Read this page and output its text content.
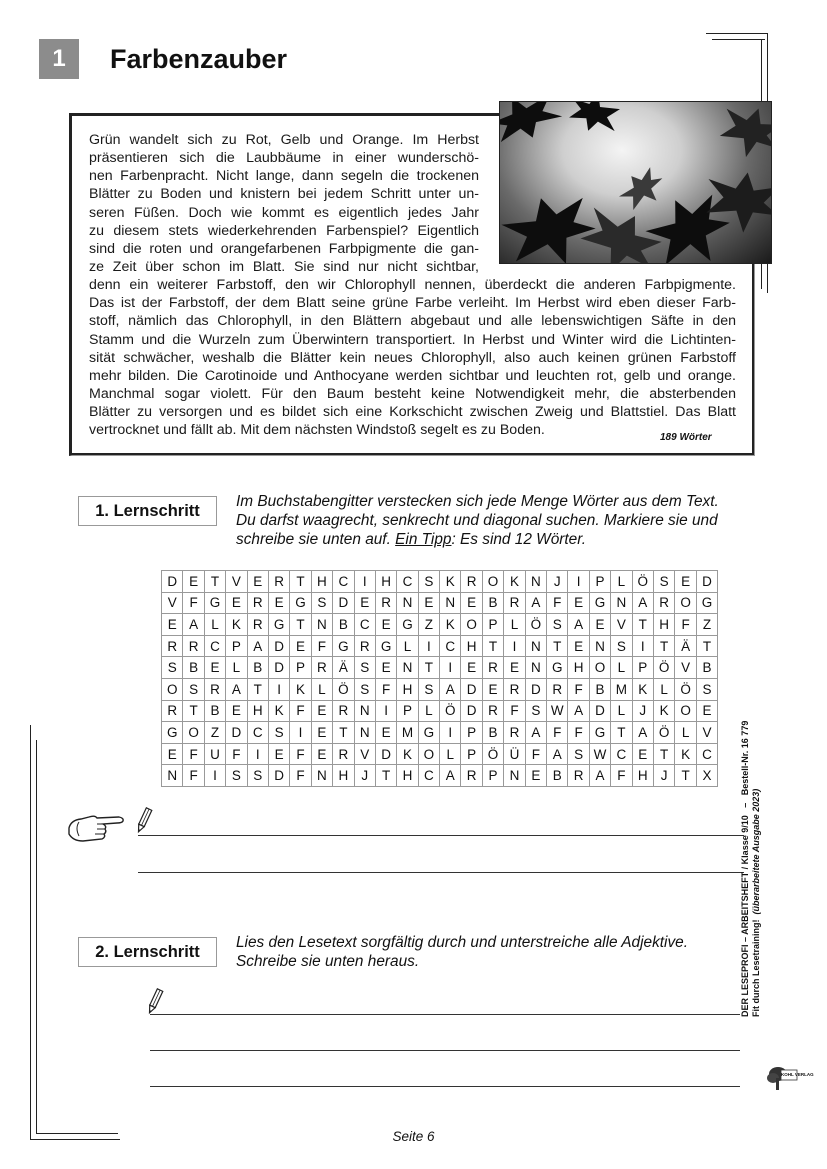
1	Farbenzauber
Grün wandelt sich zu Rot, Gelb und Orange. Im Herbst
präsentieren sich die Laubbäume in einer wunderschö-
nen Farbenpracht. Nicht lange, dann segeln die trockenen
Blätter zu Boden und knistern bei jedem Schritt unter un-
seren Füßen. Doch wie kommt es eigentlich jedes Jahr
zu diesem stets wiederkehrenden Farbenspiel? Eigentlich
sind die roten und orangefarbenen Farbpigmente die gan-
ze Zeit über schon im Blatt. Sie sind nur nicht sichtbar,
denn ein weiterer Farbstoff, den wir Chlorophyll nennen, überdeckt die anderen Farbpigmente.
Das ist der Farbstoff, der dem Blatt seine grüne Farbe verleiht. Im Herbst wird eben dieser Farb-
stoff, nämlich das Chlorophyll, in den Blättern abgebaut und alle lebenswichtigen Säfte in den
Stamm und die Wurzeln zum Überwintern transportiert. In Herbst und Winter wird die Lichtinten-
sität schwächer, weshalb die Blätter kein neues Chlorophyll, also auch keinen grünen Farbstoff
mehr bilden. Die Carotinoide und Anthocyane werden sichtbar und leuchten rot, gelb und orange.
Manchmal sogar violett. Für den Baum besteht keine Notwendigkeit mehr, die absterbenden
Blätter zu versorgen und es bildet sich eine Korkschicht zwischen Zweig und Blattstiel. Das Blatt
vertrocknet und fällt ab. Mit dem nächsten Windstoß segelt es zu Boden.	189 Wörter
1. Lernschritt	Im Buchstabengitter verstecken sich jede Menge Wörter aus dem Text.
Du darfst waagrecht, senkrecht und diagonal suchen. Markiere sie und
schreibe sie unten auf. Ein Tipp: Es sind 12 Wörter.
D	E	T	V	E	R	T	H	C	I	H	C	S	K	R	O	K	N	J	I	P	L	Ö	S	E	D
V	F	G	E	R	E	G	S	D	E	R	N	E	N	E	B	R	A	F	E	G	N	A	R	O	G
E	A	L	K	R	G	T	N	B	C	E	G	Z	K	O	P	L	Ö	S	A	E	V	T	H	F	Z
R	R	C	P	A	D	E	F	G	R	G	L	I	C	H	T	I	N	T	E	N	S	I	T	Ä	T
S	B	E	L	B	D	P	R	Ä	S	E	N	T	I	E	R	E	N	G	H	O	L	P	Ö	V	B
O	S	R	A	T	I	K	L	Ö	S	F	H	S	A	D	E	R	D	R	F	B	M	K	L	Ö	S
R	T	B	E	H	K	F	E	R	N	I	P	L	Ö	D	R	F	S	W	A	D	L	J	K	O	E
G	O	Z	D	C	S	I	E	T	N	E	M	G	I	P	B	R	A	F	F	G	T	A	Ö	L	V
E	F	U	F	I	E	F	E	R	V	D	K	O	L	P	Ö	Ü	F	A	S	W	C	E	T	K	C
N	F	I	S	S	D	F	N	H	J	T	H	C	A	R	P	N	E	B	R	A	F	H	J	T	X
2. Lernschritt	Lies den Lesetext sorgfältig durch und unterstreiche alle Adjektive.
Schreibe sie unten heraus.	DER LESEPROFI – ARBEITSHEFT / Klasse 9/10   –   Bestell-Nr. 16 779
Fit durch Lesetraining!  (überarbeitete Ausgabe 2023)
KOHL VERLAG
Seite 6
